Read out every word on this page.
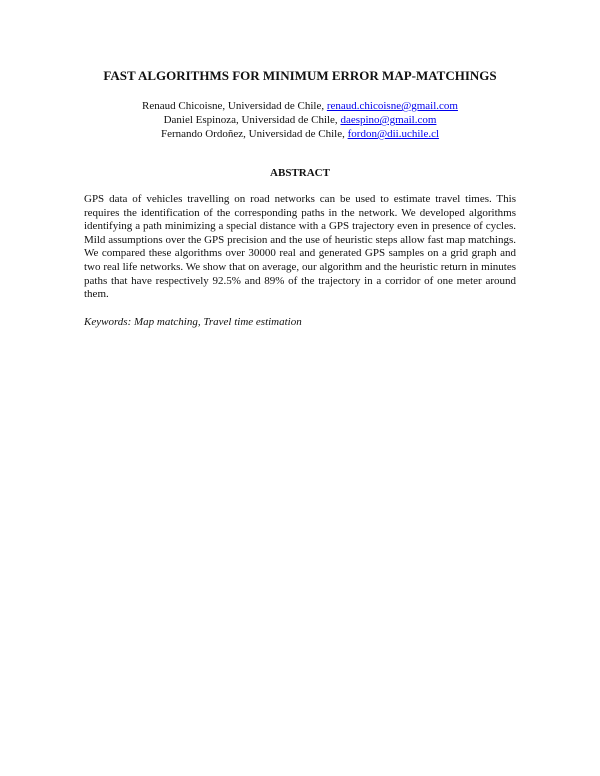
FAST ALGORITHMS FOR MINIMUM ERROR MAP-MATCHINGS
Renaud Chicoisne, Universidad de Chile, renaud.chicoisne@gmail.com
Daniel Espinoza, Universidad de Chile, daespino@gmail.com
Fernando Ordoñez, Universidad de Chile, fordon@dii.uchile.cl
ABSTRACT

GPS data of vehicles travelling on road networks can be used to estimate travel times. This requires the identification of the corresponding paths in the network. We developed algorithms identifying a path minimizing a special distance with a GPS trajectory even in presence of cycles. Mild assumptions over the GPS precision and the use of heuristic steps allow fast map matchings. We compared these algorithms over 30000 real and generated GPS samples on a grid graph and two real life networks. We show that on average, our algorithm and the heuristic return in minutes paths that have respectively 92.5% and 89% of the trajectory in a corridor of one meter around them.

Keywords: Map matching, Travel time estimation
